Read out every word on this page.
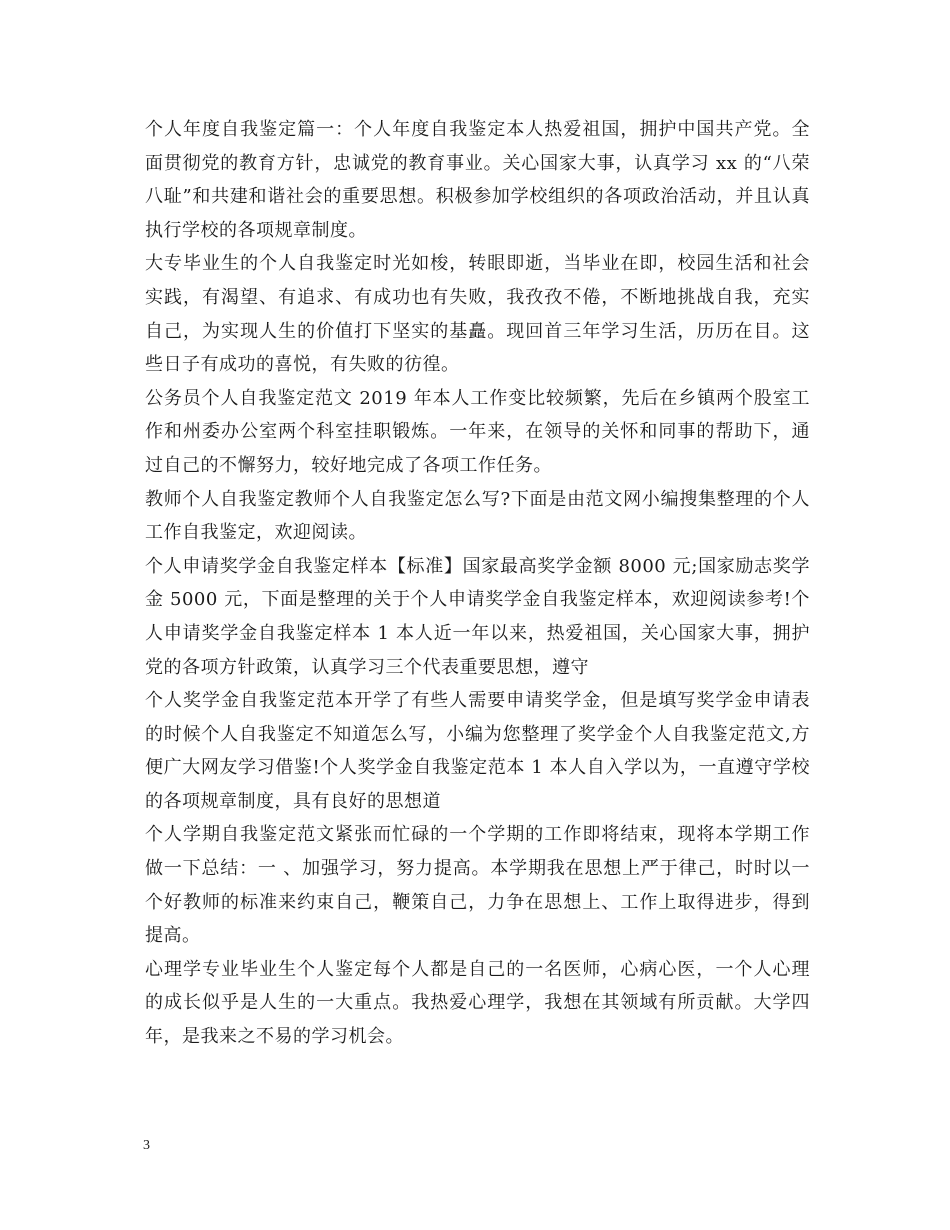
个人年度自我鉴定篇一：个人年度自我鉴定本人热爱祖国，拥护中国共产党。全面贯彻党的教育方针，忠诚党的教育事业。关心国家大事，认真学习 xx 的“八荣八耻”和共建和谐社会的重要思想。积极参加学校组织的各项政治活动，并且认真执行学校的各项规章制度。

大专毕业生的个人自我鉴定时光如梭，转眼即逝，当毕业在即，校园生活和社会实践，有渴望、有追求、有成功也有失败，我孜孜不倦，不断地挑战自我，充实自己，为实现人生的价值打下坚实的基矗。现回首三年学习生活，历历在目。这些日子有成功的喜悦，有失败的彷徨。

公务员个人自我鉴定范文 2019 年本人工作变比较频繁，先后在乡镇两个股室工作和州委办公室两个科室挂职锻炼。一年来，在领导的关怀和同事的帮助下，通过自己的不懈努力，较好地完成了各项工作任务。

教师个人自我鉴定教师个人自我鉴定怎么写?下面是由范文网小编搜集整理的个人工作自我鉴定，欢迎阅读。

个人申请奖学金自我鉴定样本【标准】国家最高奖学金额 8000 元;国家励志奖学金 5000 元，下面是整理的关于个人申请奖学金自我鉴定样本，欢迎阅读参考!个人申请奖学金自我鉴定样本 1 本人近一年以来，热爱祖国，关心国家大事，拥护党的各项方针政策，认真学习三个代表重要思想，遵守

个人奖学金自我鉴定范本开学了有些人需要申请奖学金，但是填写奖学金申请表的时候个人自我鉴定不知道怎么写，小编为您整理了奖学金个人自我鉴定范文,方便广大网友学习借鉴!个人奖学金自我鉴定范本 1 本人自入学以为，一直遵守学校的各项规章制度，具有良好的思想道

个人学期自我鉴定范文紧张而忙碌的一个学期的工作即将结束，现将本学期工作做一下总结：一 、加强学习，努力提高。本学期我在思想上严于律己，时时以一个好教师的标准来约束自己，鞭策自己，力争在思想上、工作上取得进步，得到提高。

心理学专业毕业生个人鉴定每个人都是自己的一名医师，心病心医，一个人心理的成长似乎是人生的一大重点。我热爱心理学，我想在其领域有所贡献。大学四年，是我来之不易的学习机会。

3
